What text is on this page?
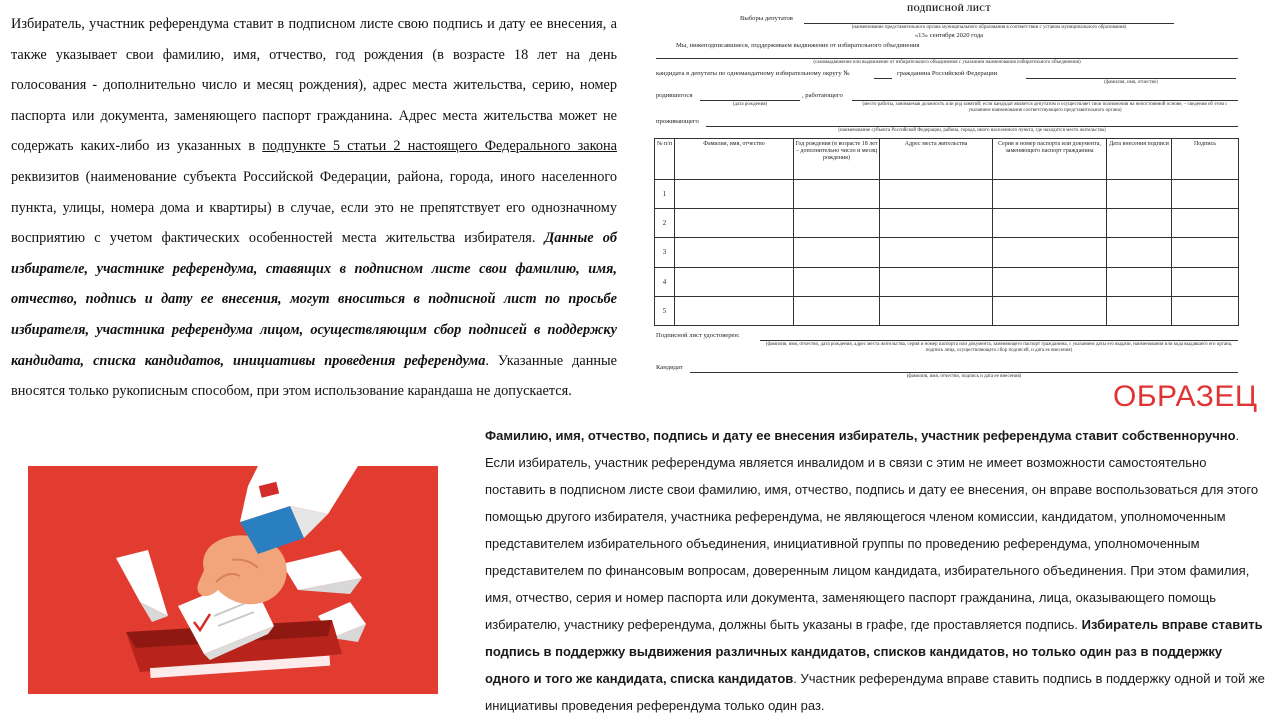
Избиратель, участник референдума ставит в подписном листе свою подпись и дату ее внесения, а также указывает свои фамилию, имя, отчество, год рождения (в возрасте 18 лет на день голосования - дополнительно число и месяц рождения), адрес места жительства, серию, номер паспорта или документа, заменяющего паспорт гражданина. Адрес места жительства может не содержать каких-либо из указанных в подпункте 5 статьи 2 настоящего Федерального закона реквизитов (наименование субъекта Российской Федерации, района, города, иного населенного пункта, улицы, номера дома и квартиры) в случае, если это не препятствует его однозначному восприятию с учетом фактических особенностей места жительства избирателя. Данные об избирателе, участнике референдума, ставящих в подписном листе свои фамилию, имя, отчество, подпись и дату ее внесения, могут вноситься в подписной лист по просьбе избирателя, участника референдума лицом, осуществляющим сбор подписей в поддержку кандидата, списка кандидатов, инициативы проведения референдума. Указанные данные вносятся только рукописным способом, при этом использование карандаша не допускается.

ПОДПИСНОЙ ЛИСТ
Выборы депутатов
(наименование представительного органа муниципального образования в соответствии с уставом муниципального образования)
«13» сентября 2020 года
Мы, нижеподписавшиеся, поддерживаем выдвижение от избирательного объединения
(самовыдвижение или выдвижение от избирательного объединения с указанием наименования избирательного объединения)
кандидата в депутаты по одномандатному избирательному округу №	гражданина Российской Федерации
(фамилия, имя, отчество)
родившегося
(дата рождения)
, работающего
(место работы, занимаемая должность или род занятий; если кандидат является депутатом и осуществляет свои полномочия на непостоянной основе, – сведения об этом с указанием наименования соответствующего представительного органа)
проживающего
(наименование субъекта Российской Федерации, района, города, иного населенного пункта, где находится место жительства)
№ п/п	Фамилия, имя, отчество	Год рождения (в возрасте 18 лет – дополнительно число и месяц рождения)	Адрес места жительства	Серия и номер паспорта или документа, заменяющего паспорт гражданина	Дата внесения подписи	Подпись
1						
2						
3						
4						
5						
Подписной лист удостоверен:
(фамилия, имя, отчество, дата рождения, адрес места жительства, серия и номер паспорта или документа, заменяющего паспорт гражданина, с указанием даты его выдачи, наименования или кода выдавшего его органа, подпись лица, осуществляющего сбор подписей, и дата ее внесения)
Кандидат
(фамилия, имя, отчество, подпись и дата ее внесения)
ОБРАЗЕЦ

Фамилию, имя, отчество, подпись и дату ее внесения избиратель, участник референдума ставит собственноручно. Если избиратель, участник референдума является инвалидом и в связи с этим не имеет возможности самостоятельно поставить в подписном листе свои фамилию, имя, отчество, подпись и дату ее внесения, он вправе воспользоваться для этого помощью другого избирателя, участника референдума, не являющегося членом комиссии, кандидатом, уполномоченным представителем избирательного объединения, инициативной группы по проведению референдума, уполномоченным представителем по финансовым вопросам, доверенным лицом кандидата, избирательного объединения. При этом фамилия, имя, отчество, серия и номер паспорта или документа, заменяющего паспорт гражданина, лица, оказывающего помощь избирателю, участнику референдума, должны быть указаны в графе, где проставляется подпись. Избиратель вправе ставить подпись в поддержку выдвижения различных кандидатов, списков кандидатов, но только один раз в поддержку одного и того же кандидата, списка кандидатов. Участник референдума вправе ставить подпись в поддержку одной и той же инициативы проведения референдума только один раз.
